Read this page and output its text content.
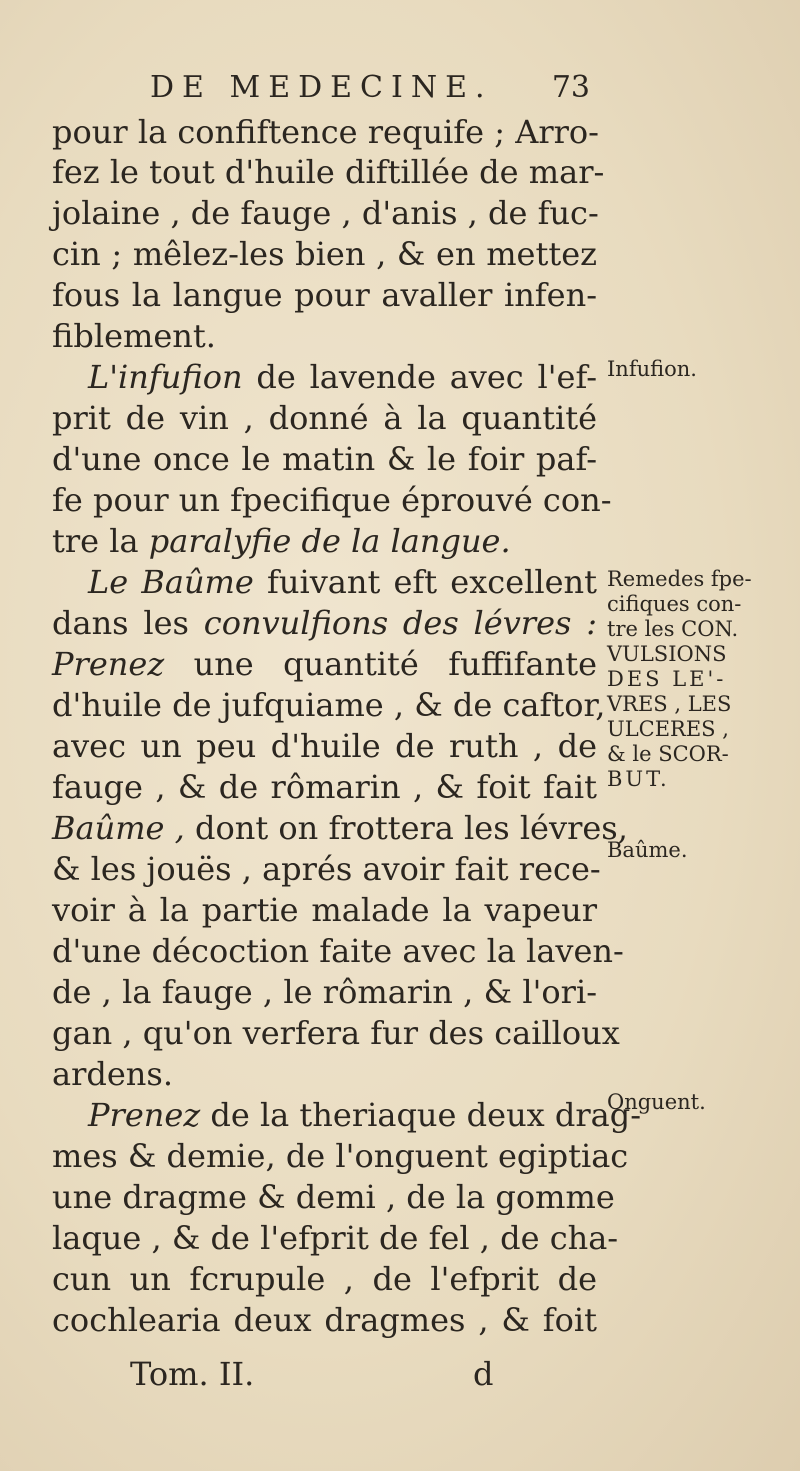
DE MEDECINE. 73
pour la confiftence requife ; Arro-
fez le tout d'huile diftillée de mar-
jolaine , de fauge , d'anis , de fuc-
cin ; mêlez-les bien , & en mettez
fous la langue pour avaller infen-
fiblement.
L'infufion de lavende avec l'ef-
prit de vin , donné à la quantité
d'une once le matin & le foir paf-
fe pour un fpecifique éprouvé con-
tre la paralyfie de la langue.
Le Baûme fuivant eft excellent
dans les convulfions des lévres :
Prenez une quantité fuffifante
d'huile de jufquiame , & de caftor,
avec un peu d'huile de ruth , de
fauge , & de rômarin , & foit fait
Baûme , dont on frottera les lévres,
& les jouës , aprés avoir fait rece-
voir à la partie malade la vapeur
d'une décoction faite avec la laven-
de , la fauge , le rômarin , & l'ori-
gan , qu'on verfera fur des cailloux
ardens.
Prenez de la theriaque deux drag-
mes & demie, de l'onguent egiptiac
une dragme & demi , de la gomme
laque , & de l'efprit de fel , de cha-
cun un fcrupule , de l'efprit de
cochlearia deux dragmes , & foit
Infufion.
Remedes fpe-
cifiques con-
tre les CON.
VULSIONS
DES LE'-
VRES , LES
ULCERES ,
& le SCOR-
BUT.
Baûme.
Onguent.
Tom. II.	d
